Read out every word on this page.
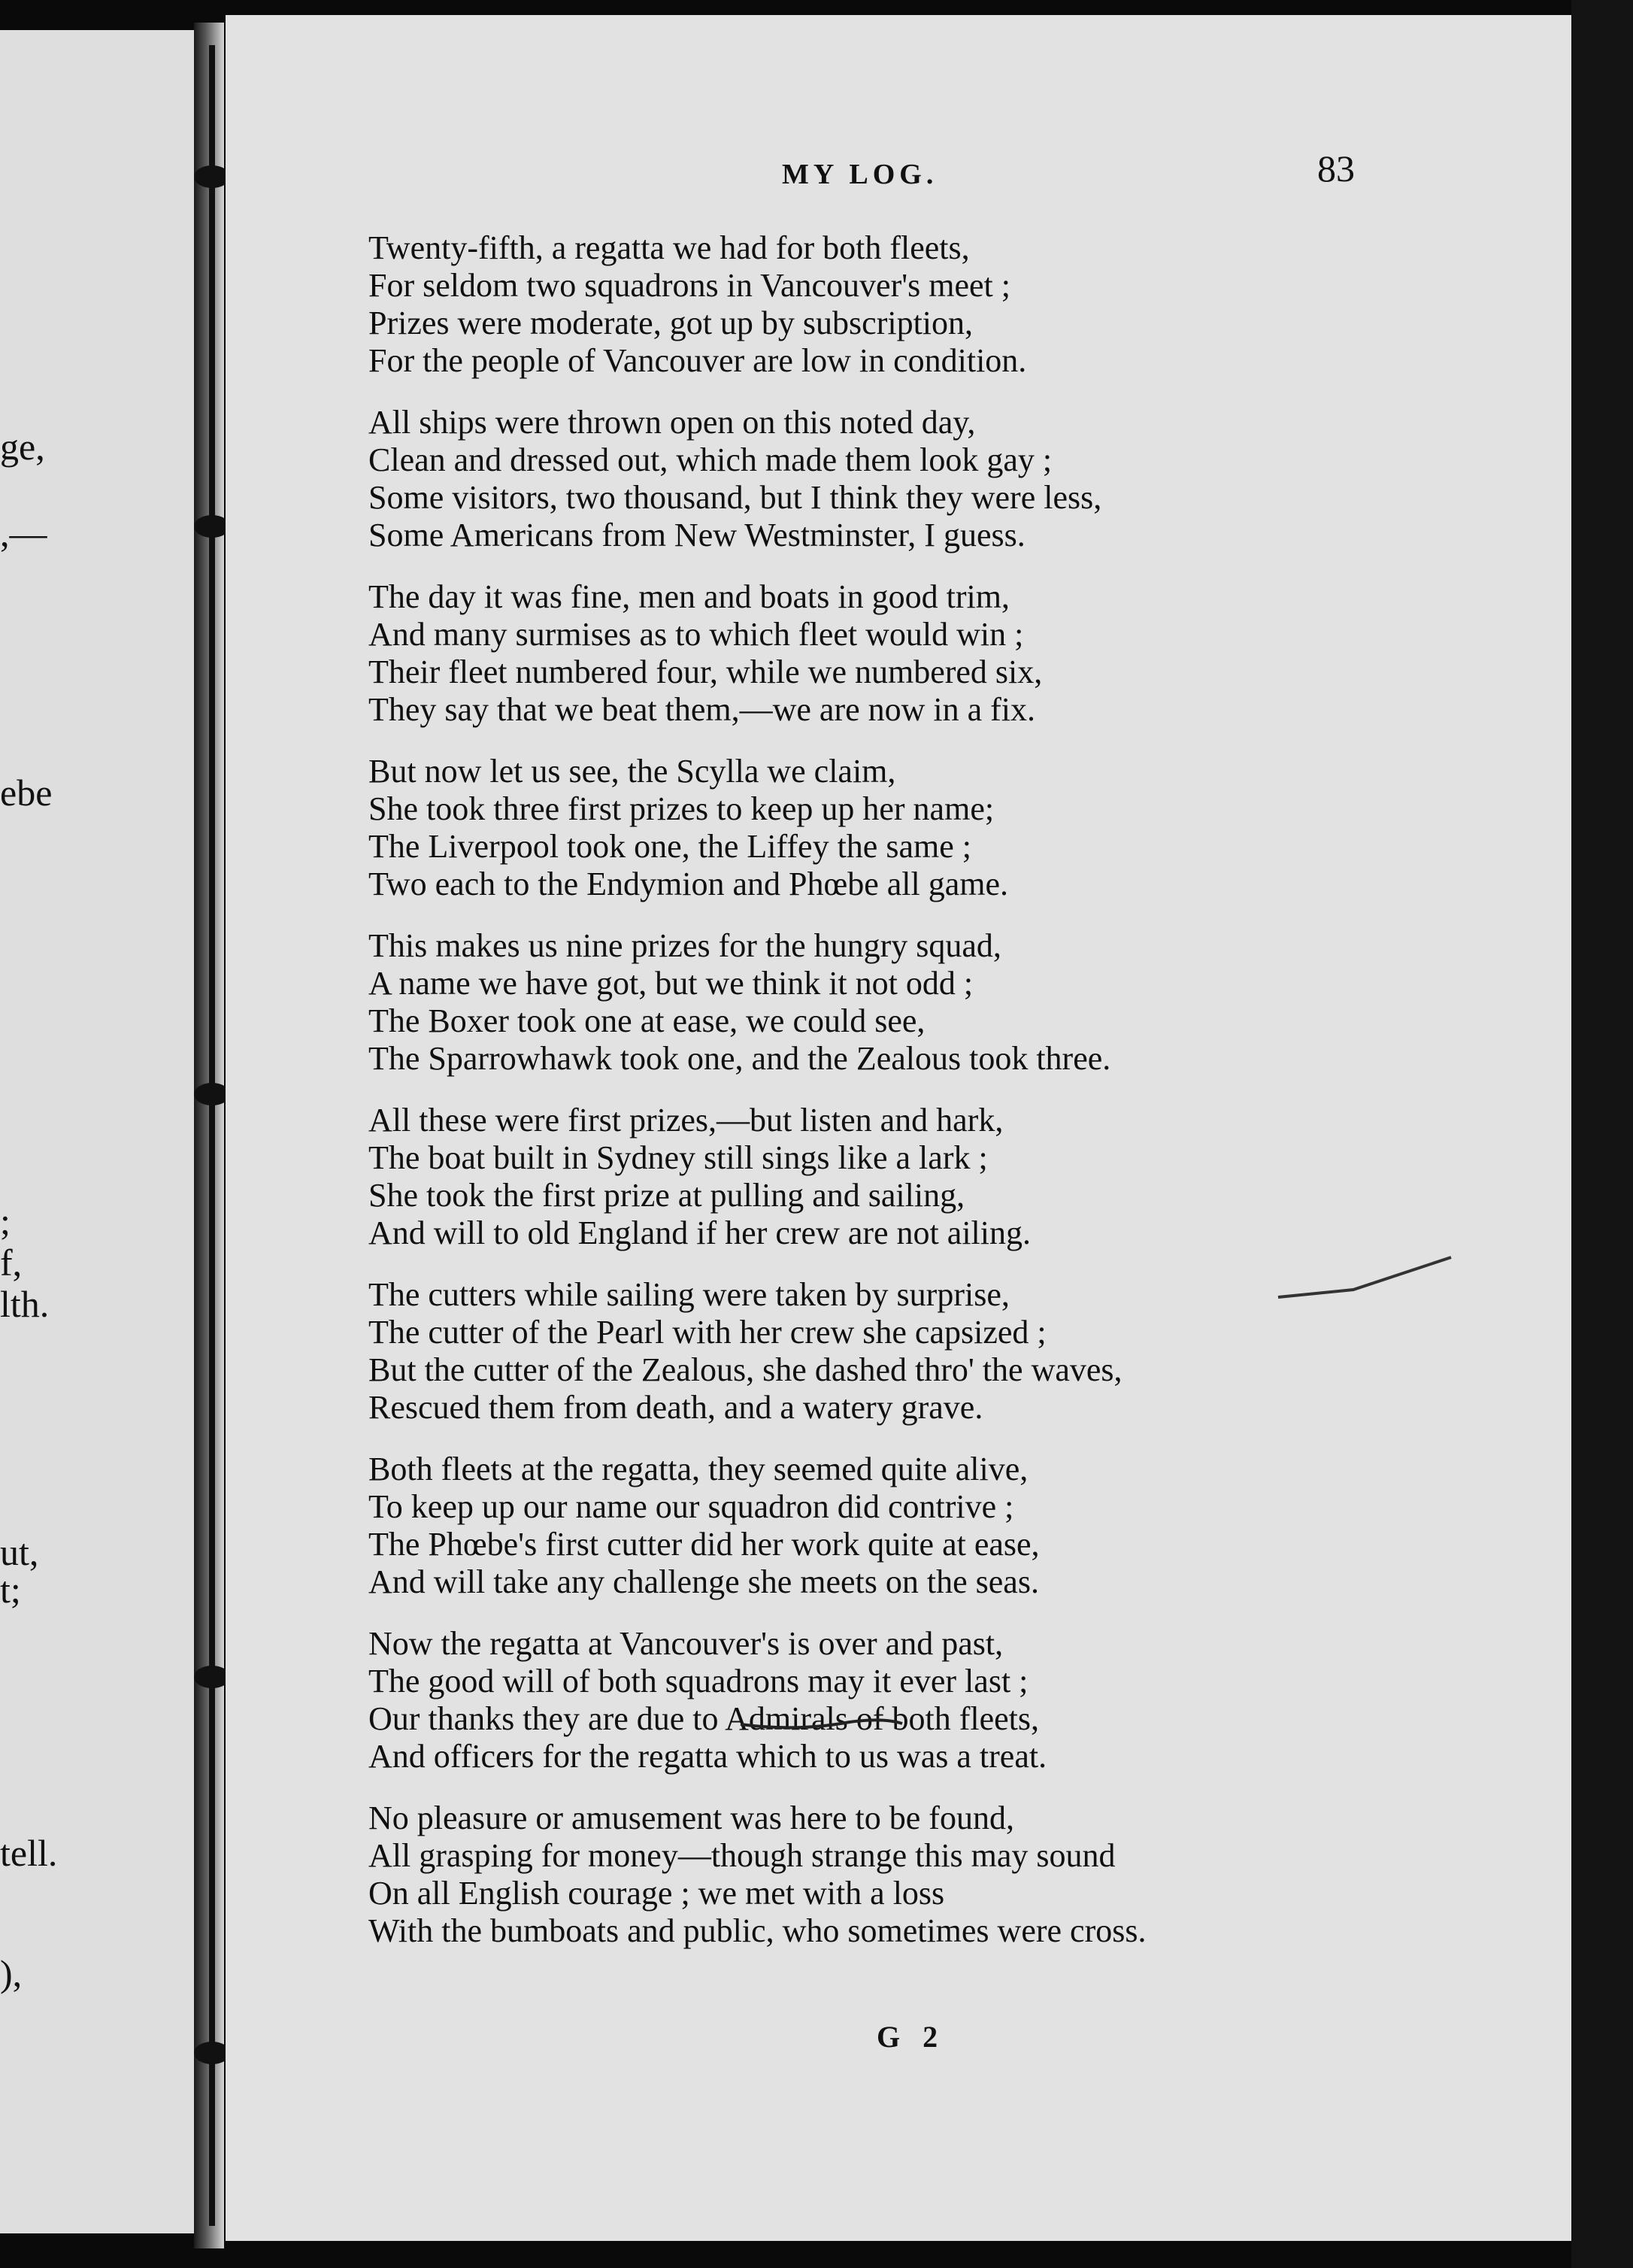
ge,
,—
ebe
;
f,
lth.
ut,
t;
tell.
),
MY LOG.	83
Twenty-fifth, a regatta we had for both fleets,
For seldom two squadrons in Vancouver's meet ;
Prizes were moderate, got up by subscription,
For the people of Vancouver are low in condition.
All ships were thrown open on this noted day,
Clean and dressed out, which made them look gay ;
Some visitors, two thousand, but I think they were less,
Some Americans from New Westminster, I guess.
The day it was fine, men and boats in good trim,
And many surmises as to which fleet would win ;
Their fleet numbered four, while we numbered six,
They say that we beat them,—we are now in a fix.
But now let us see, the Scylla we claim,
She took three first prizes to keep up her name;
The Liverpool took one, the Liffey the same ;
Two each to the Endymion and Phœbe all game.
This makes us nine prizes for the hungry squad,
A name we have got, but we think it not odd ;
The Boxer took one at ease, we could see,
The Sparrowhawk took one, and the Zealous took three.
All these were first prizes,—but listen and hark,
The boat built in Sydney still sings like a lark ;
She took the first prize at pulling and sailing,
And will to old England if her crew are not ailing.
The cutters while sailing were taken by surprise,
The cutter of the Pearl with her crew she capsized ;
But the cutter of the Zealous, she dashed thro' the waves,
Rescued them from death, and a watery grave.
Both fleets at the regatta, they seemed quite alive,
To keep up our name our squadron did contrive ;
The Phœbe's first cutter did her work quite at ease,
And will take any challenge she meets on the seas.
Now the regatta at Vancouver's is over and past,
The good will of both squadrons may it ever last ;
Our thanks they are due to Admirals of both fleets,
And officers for the regatta which to us was a treat.
No pleasure or amusement was here to be found,
All grasping for money—though strange this may sound
On all English courage ; we met with a loss
With the bumboats and public, who sometimes were cross.
G 2
